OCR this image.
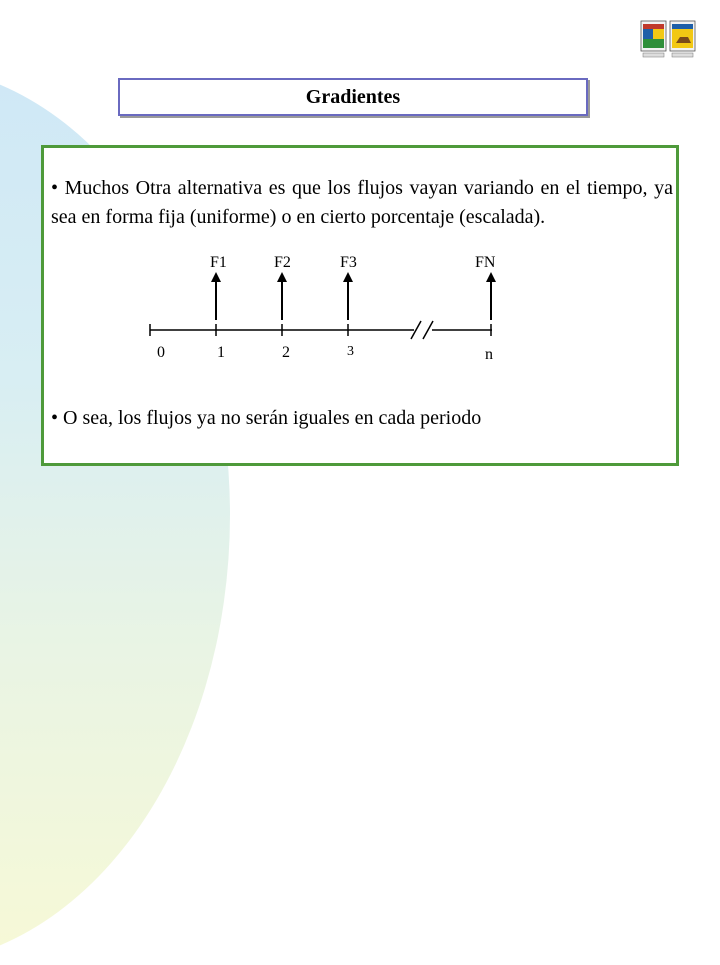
Gradientes
• Muchos Otra alternativa es que los flujos vayan variando en el tiempo, ya sea en forma fija (uniforme) o en cierto porcentaje (escalada).
• O sea, los flujos ya no serán iguales en cada periodo
F1	F2	F3	FN
0	1	2	3	n
